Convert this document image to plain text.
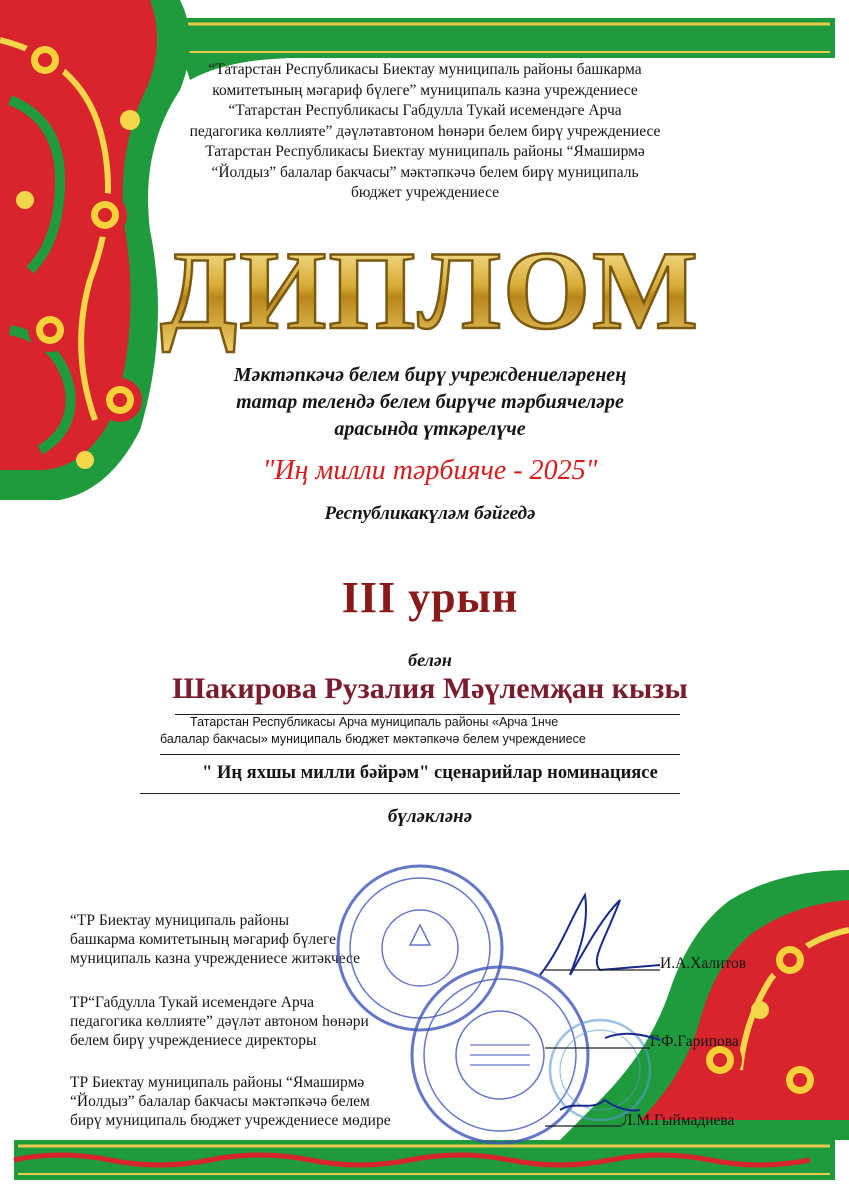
“Татарстан Республикасы Биектау муниципаль районы башкарма

комитетының мәгариф бүлеге” муниципаль казна учреждениесе

“Татарстан Республикасы Габдулла Тукай исемендәге Арча

педагогика көллияте” дәүләтавтоном һөнәри белем бирү учреждениесе

Татарстан Республикасы Биектау муниципаль районы “Ямаширмә

“Йолдыз” балалар бакчасы” мәктәпкәчә белем бирү муниципаль

бюджет учреждениесе

ДИПЛОМ

Мәктәпкәчә белем бирү учреждениеләренең

татар телендә белем бирүче тәрбиячеләре

арасында үткәрелүче

"Иң милли тәрбияче - 2025"
Республикакүләм бәйгедә
III урын
белән
Шакирова Рузалия Мәүлемҗан кызы

Татарстан Республикасы Арча муниципаль районы «Арча 1нче

балалар бакчасы» муниципаль бюджет мәктәпкәчә белем учреждениесе

" Иң яхшы милли бәйрәм" сценарийлар номинациясе
бүләкләнә

“ТР Биектау муниципаль районы

башкарма комитетының мәгариф бүлеге

муниципаль казна учреждениесе житәкчесе	И.А.Халитов

ТР“Габдулла Тукай исемендәге Арча

педагогика көллияте” дәүләт автоном һөнәри

белем бирү учреждениесе директоры	Г.Ф.Гарипова

ТР Биектау муниципаль районы “Ямаширмә

“Йолдыз” балалар бакчасы мәктәпкәчә белем

бирү муниципаль бюджет учреждениесе мөдире	Л.М.Гыймадиева
